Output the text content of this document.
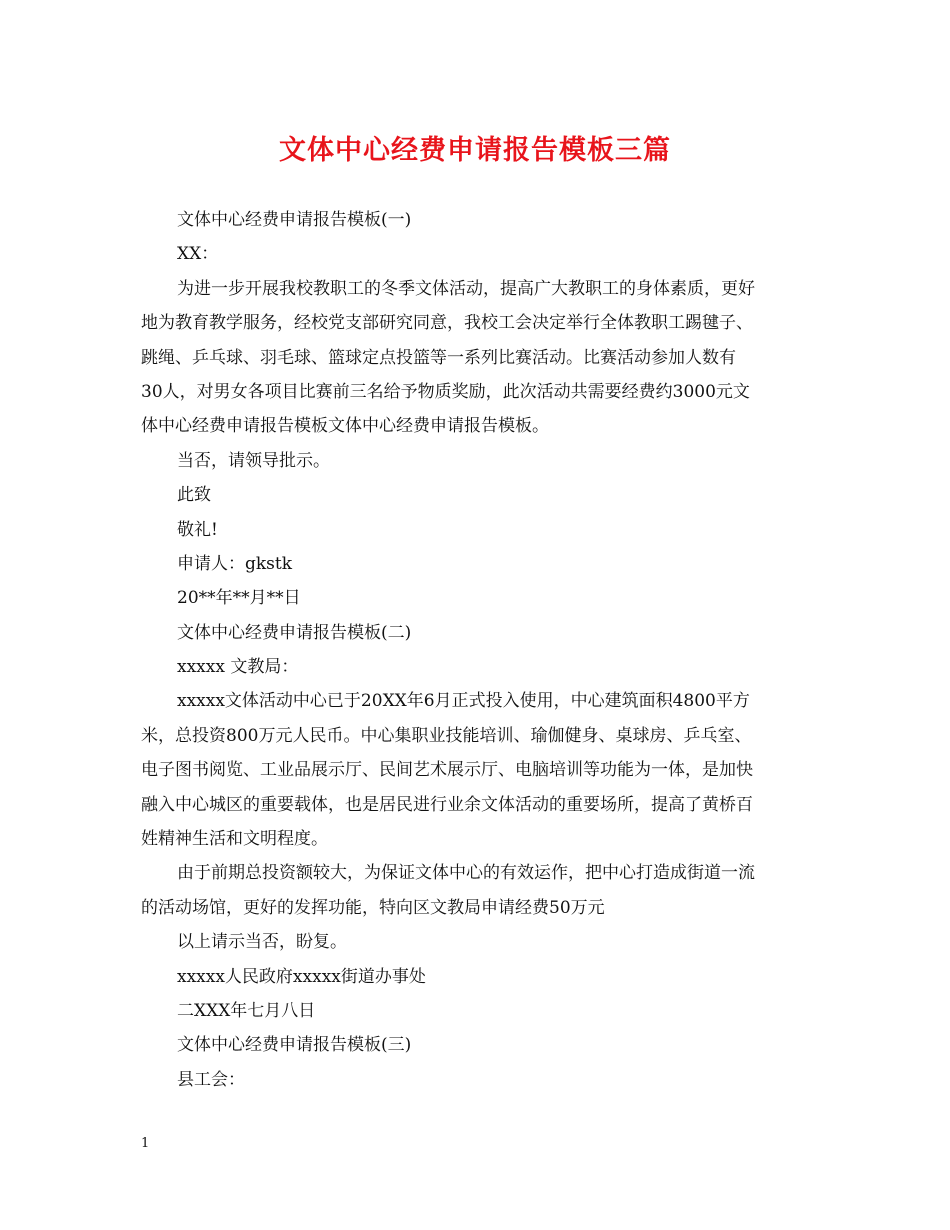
文体中心经费申请报告模板三篇
文体中心经费申请报告模板(一)
XX：
为进一步开展我校教职工的冬季文体活动，提高广大教职工的身体素质，更好
地为教育教学服务，经校党支部研究同意，我校工会决定举行全体教职工踢毽子、
跳绳、乒乓球、羽毛球、篮球定点投篮等一系列比赛活动。比赛活动参加人数有
30人，对男女各项目比赛前三名给予物质奖励，此次活动共需要经费约3000元文
体中心经费申请报告模板文体中心经费申请报告模板。
当否，请领导批示。
此致
敬礼!
申请人：gkstk
20**年**月**日
文体中心经费申请报告模板(二)
xxxxx 文教局：
xxxxx文体活动中心已于20XX年6月正式投入使用，中心建筑面积4800平方
米，总投资800万元人民币。中心集职业技能培训、瑜伽健身、桌球房、乒乓室、
电子图书阅览、工业品展示厅、民间艺术展示厅、电脑培训等功能为一体，是加快
融入中心城区的重要载体，也是居民进行业余文体活动的重要场所，提高了黄桥百
姓精神生活和文明程度。
由于前期总投资额较大，为保证文体中心的有效运作，把中心打造成街道一流
的活动场馆，更好的发挥功能，特向区文教局申请经费50万元
以上请示当否，盼复。
xxxxx人民政府xxxxx街道办事处
二XXX年七月八日
文体中心经费申请报告模板(三)
县工会：
1
